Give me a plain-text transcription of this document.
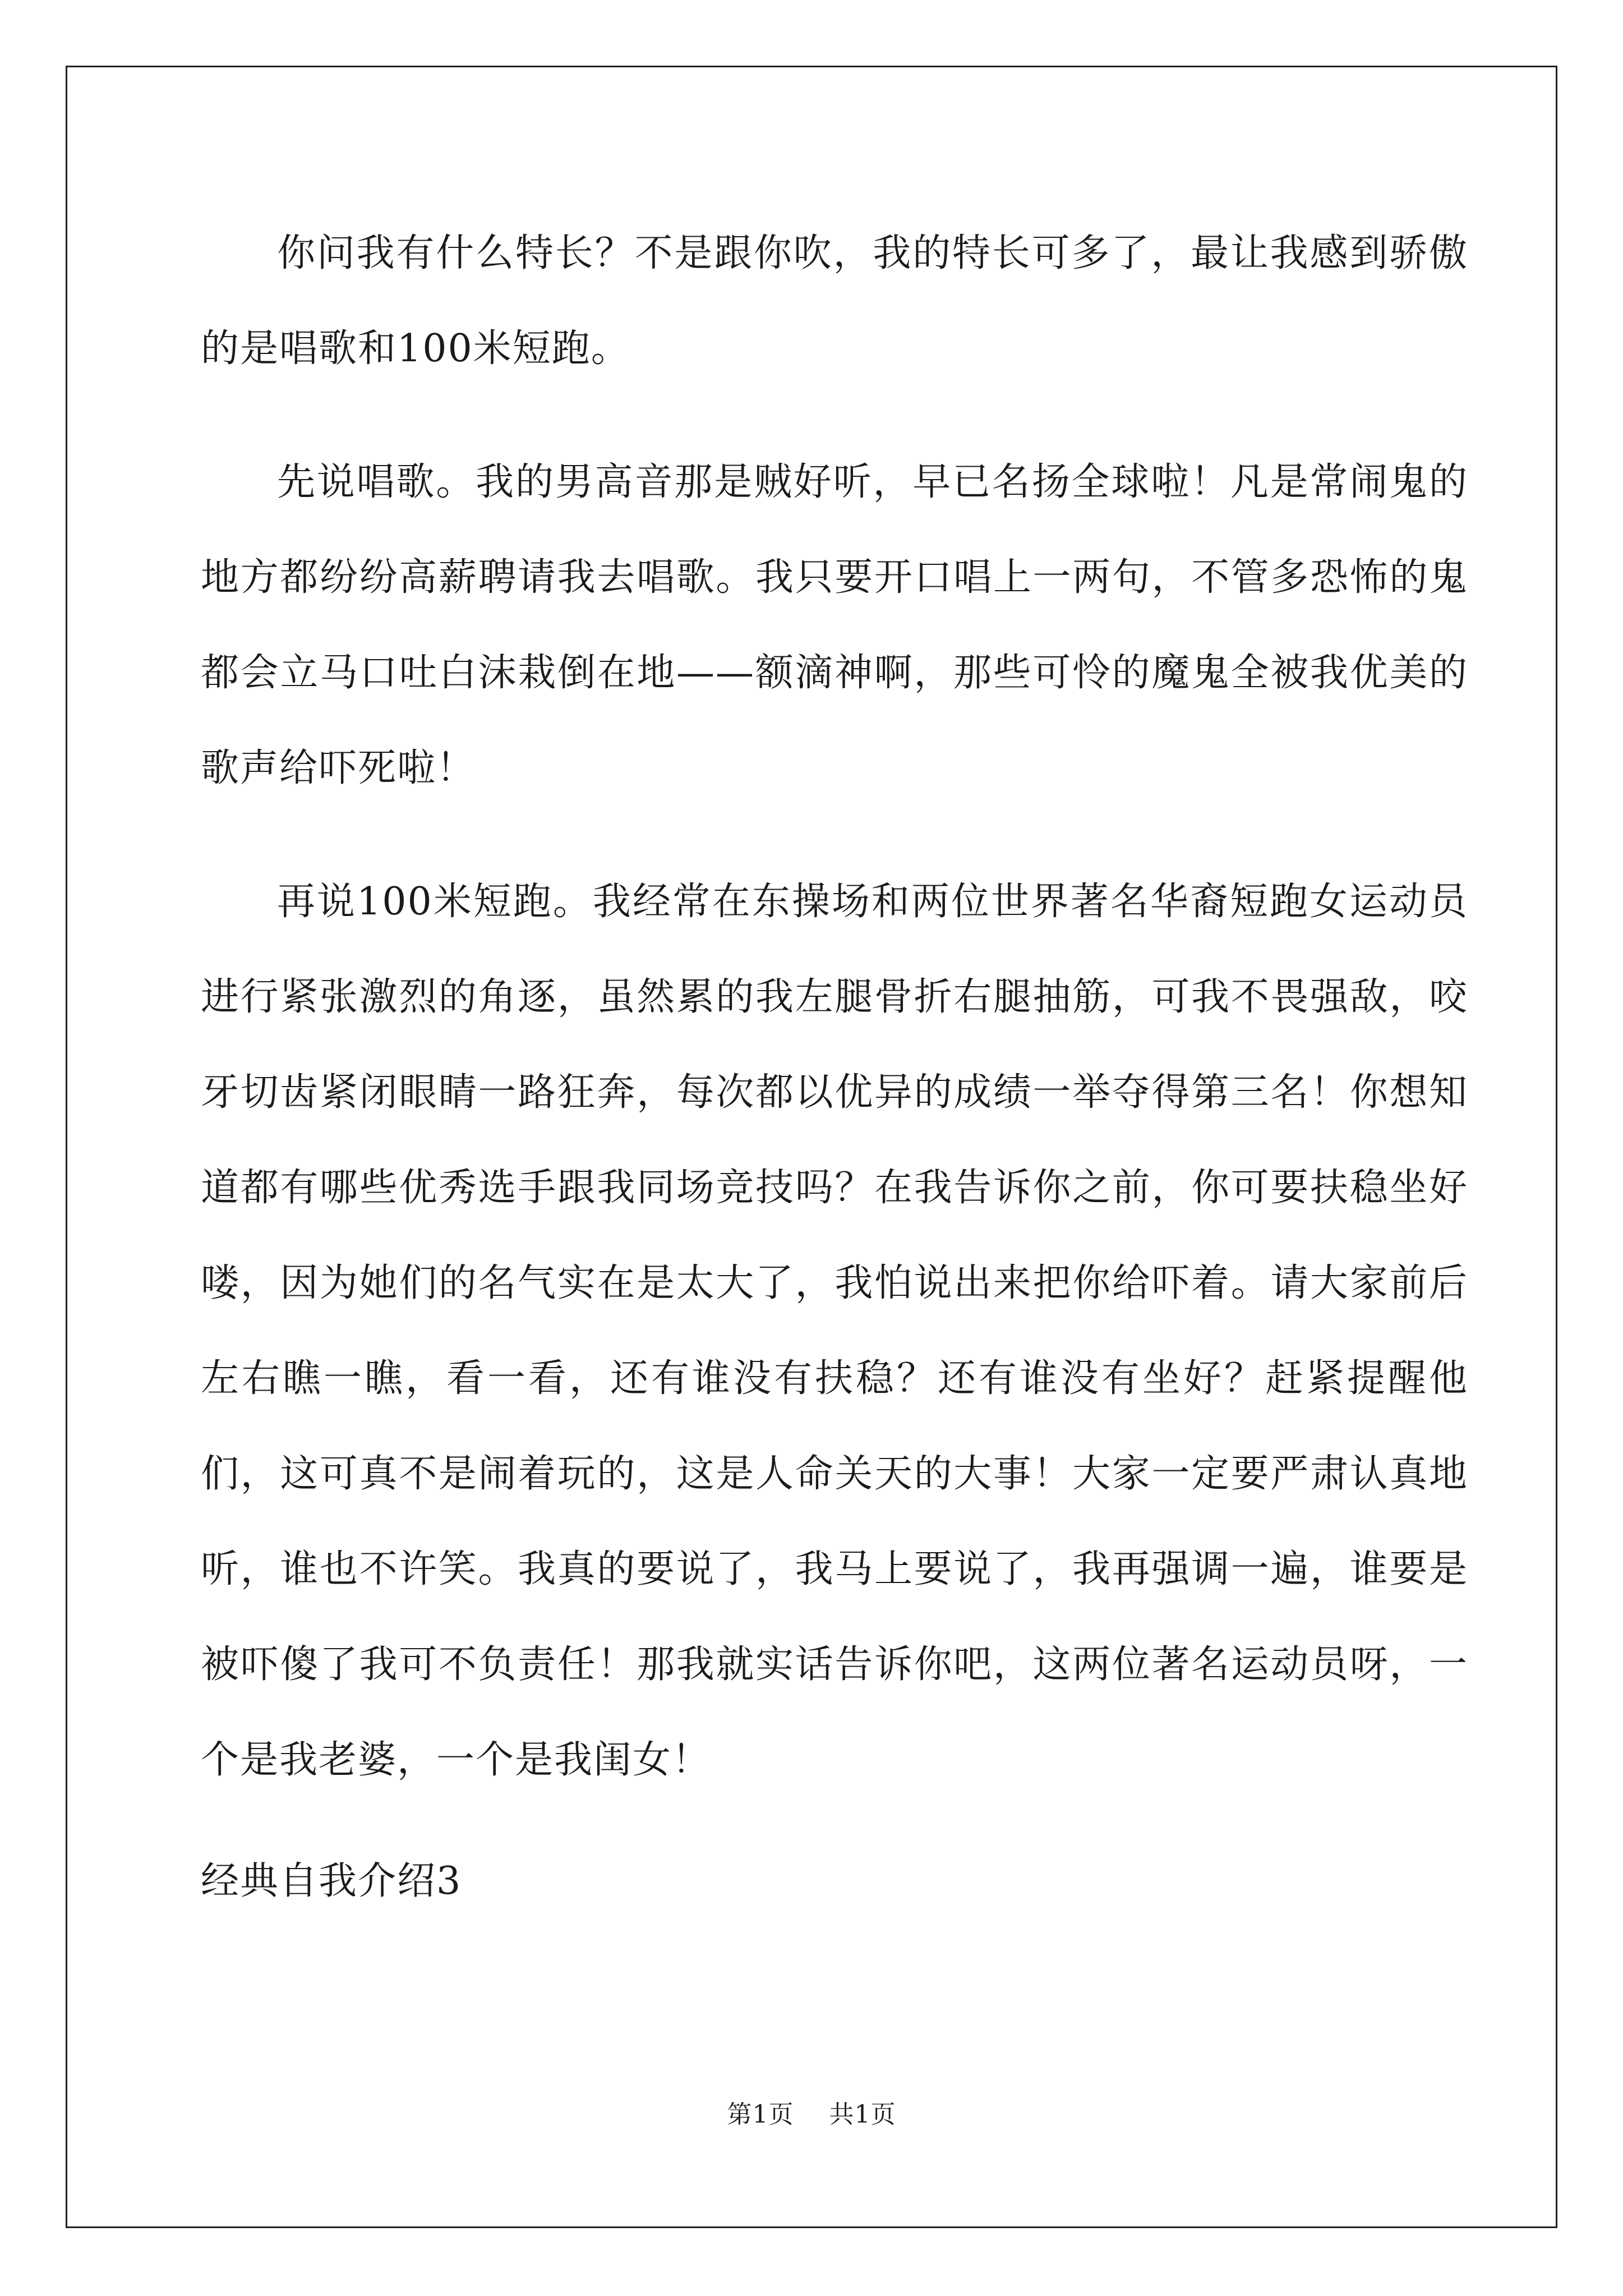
你问我有什么特长？不是跟你吹，我的特长可多了，最让我感到骄傲的是唱歌和100米短跑。

先说唱歌。我的男高音那是贼好听，早已名扬全球啦！凡是常闹鬼的地方都纷纷高薪聘请我去唱歌。我只要开口唱上一两句，不管多恐怖的鬼都会立马口吐白沫栽倒在地——额滴神啊，那些可怜的魔鬼全被我优美的歌声给吓死啦！

再说100米短跑。我经常在东操场和两位世界著名华裔短跑女运动员进行紧张激烈的角逐，虽然累的我左腿骨折右腿抽筋，可我不畏强敌，咬牙切齿紧闭眼睛一路狂奔，每次都以优异的成绩一举夺得第三名！你想知道都有哪些优秀选手跟我同场竞技吗？在我告诉你之前，你可要扶稳坐好喽，因为她们的名气实在是太大了，我怕说出来把你给吓着。请大家前后左右瞧一瞧，看一看，还有谁没有扶稳？还有谁没有坐好？赶紧提醒他们，这可真不是闹着玩的，这是人命关天的大事！大家一定要严肃认真地听，谁也不许笑。我真的要说了，我马上要说了，我再强调一遍，谁要是被吓傻了我可不负责任！那我就实话告诉你吧，这两位著名运动员呀，一个是我老婆，一个是我闺女！

经典自我介绍3
第1页 共1页
